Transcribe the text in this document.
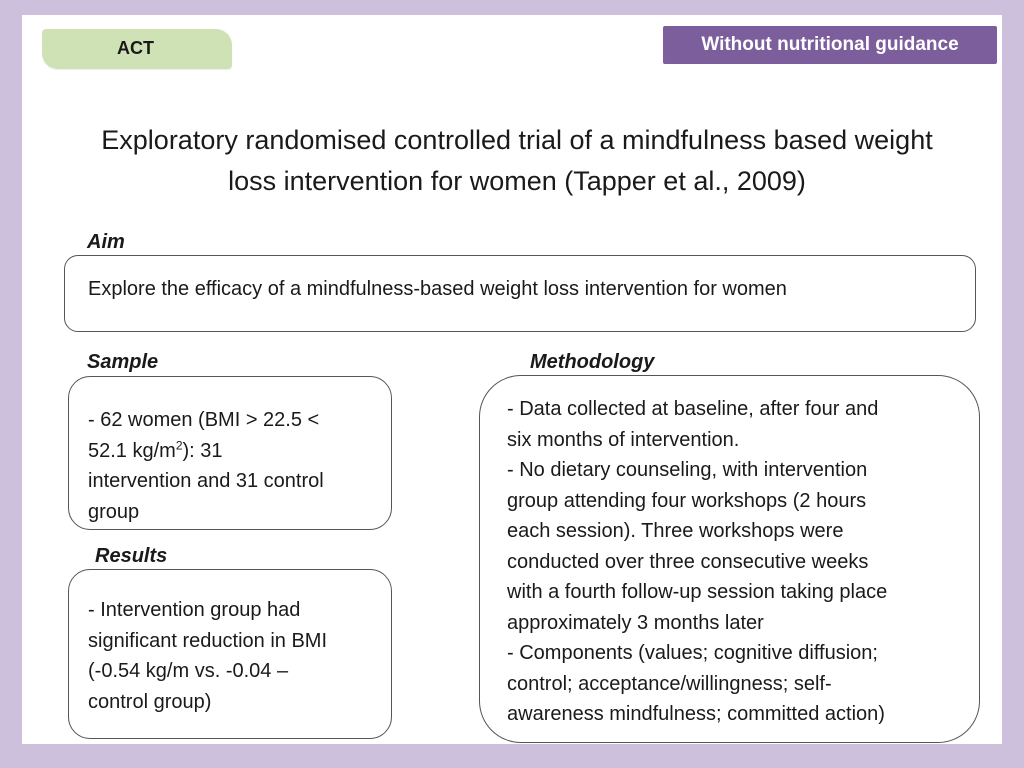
ACT	Without nutritional guidance
Exploratory randomised controlled trial of a mindfulness based weight
loss intervention for women (Tapper et al., 2009)
Aim
Explore the efficacy of a mindfulness-based weight loss intervention for women
Sample
- 62 women (BMI > 22.5 <
52.1 $kg/m^2$): 31
intervention and 31 control
group
Results
- Intervention group had
significant reduction in BMI
(-0.54 kg/m vs. -0.04 –
control group)
Methodology
- Data collected at baseline, after four and
six months of intervention.
- No dietary counseling, with intervention
group attending four workshops (2 hours
each session). Three workshops were
conducted over three consecutive weeks
with a fourth follow-up session taking place
approximately 3 months later
- Components (values; cognitive diffusion;
control; acceptance/willingness; self-
awareness mindfulness; committed action)
